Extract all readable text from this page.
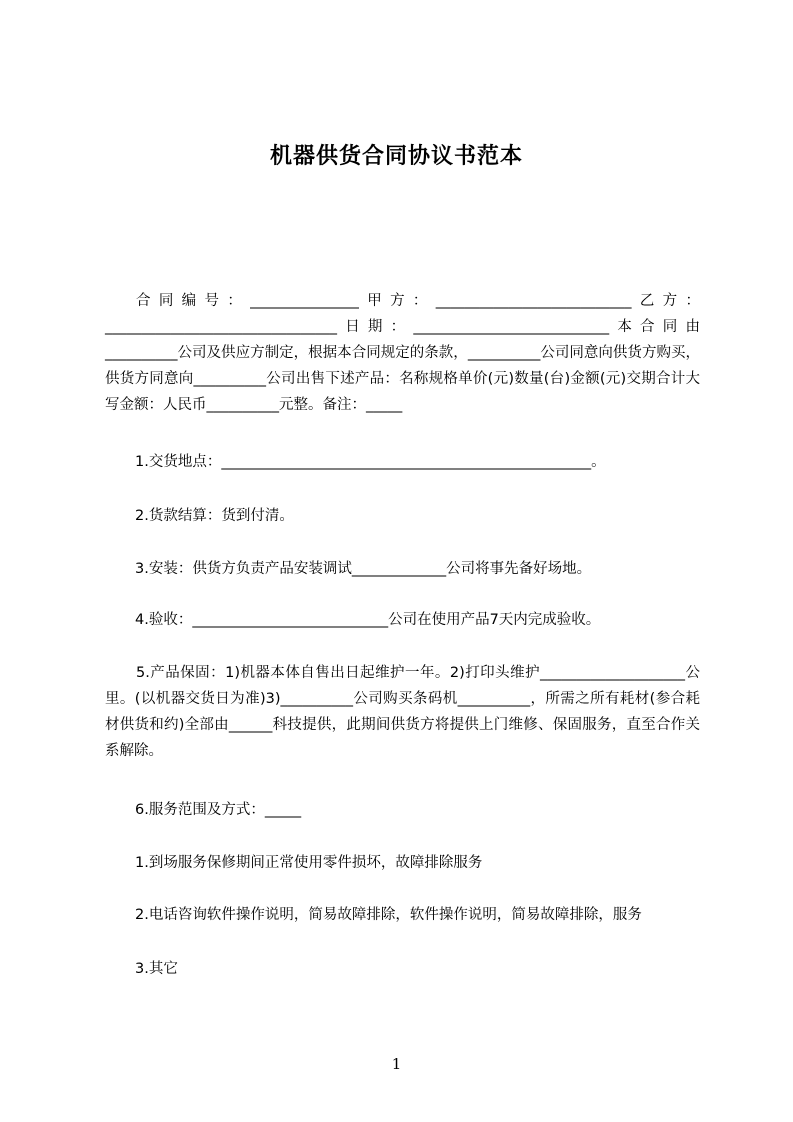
机器供货合同协议书范本

合同编号：_______________甲方：___________________________乙方：________________________________日期：___________________________本合同由__________公司及供应方制定，根据本合同规定的条款，__________公司同意向供货方购买，供货方同意向__________公司出售下述产品：名称规格单价(元)数量(台)金额(元)交期合计大写金额：人民币__________元整。备注：_____

1.交货地点：___________________________________________________。

2.货款结算：货到付清。

3.安装：供货方负责产品安装调试_____________公司将事先备好场地。

4.验收：___________________________公司在使用产品7天内完成验收。

5.产品保固：1)机器本体自售出日起维护一年。2)打印头维护____________________公里。(以机器交货日为准)3)__________公司购买条码机__________，所需之所有耗材(参合耗材供货和约)全部由______科技提供，此期间供货方将提供上门维修、保固服务，直至合作关系解除。

6.服务范围及方式：_____

1.到场服务保修期间正常使用零件损坏，故障排除服务

2.电话咨询软件操作说明，简易故障排除，软件操作说明，简易故障排除，服务

3.其它

1
